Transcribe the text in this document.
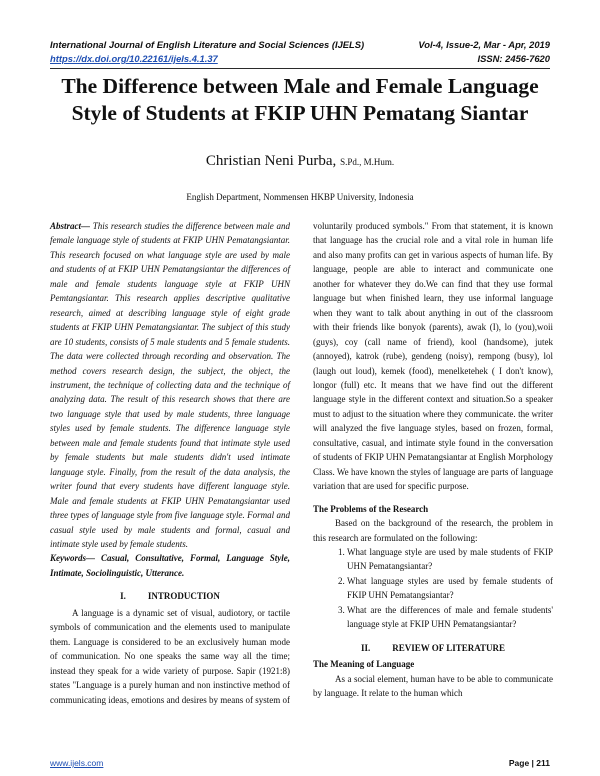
International Journal of English Literature and Social Sciences (IJELS)	Vol-4, Issue-2, Mar - Apr, 2019
https://dx.doi.org/10.22161/ijels.4.1.37	ISSN: 2456-7620
The Difference between Male and Female Language Style of Students at FKIP UHN Pematang Siantar
Christian Neni Purba, S.Pd., M.Hum.
English Department, Nommensen HKBP University, Indonesia

Abstract— This research studies the difference between male and female language style of students at FKIP UHN Pematangsiantar. This research focused on what language style are used by male and students of at FKIP UHN Pematangsiantar the differences of male and female students language style at FKIP UHN Pemtangsiantar. This research applies descriptive qualitative research, aimed at describing language style of eight grade students at FKIP UHN Pematangsiantar. The subject of this study are 10 students, consists of 5 male students and 5 female students. The data were collected through recording and observation. The method covers research design, the subject, the object, the instrument, the technique of collecting data and the technique of analyzing data. The result of this research shows that there are two language style that used by male students, three language styles used by female students. The difference language style between male and female students found that intimate style used by female students but male students didn't used intimate language style. Finally, from the result of the data analysis, the writer found that every students have different language style. Male and female students at FKIP UHN Pematangsiantar used three types of language style from five language style. Formal and casual style used by male students and formal, casual and intimate style used by female students.

Keywords— Casual, Consultative, Formal, Language Style, Intimate, Sociolinguistic, Utterance.

I. INTRODUCTION

A language is a dynamic set of visual, audiotory, or tactile symbols of communication and the elements used to manipulate them. Language is considered to be an exclusively human mode of communication. No one speaks the same way all the time; instead they speak for a wide variety of purpose. Sapir (1921:8) states "Language is a purely human and non instinctive method of communicating ideas, emotions and desires by means of system of

voluntarily produced symbols." From that statement, it is known that language has the crucial role and a vital role in human life and also many profits can get in various aspects of human life. By language, people are able to interact and communicate one another for whatever they do.We can find that they use formal language but when finished learn, they use informal language when they want to talk about anything in out of the classroom with their friends like bonyok (parents), awak (I), lo (you),woii (guys), coy (call name of friend), kool (handsome), jutek (annoyed), katrok (rube), gendeng (noisy), rempong (busy), lol (laugh out loud), kemek (food), menelketehek ( I don't know), longor (full) etc. It means that we have find out the different language style in the different context and situation.So a speaker must to adjust to the situation where they communicate. the writer will analyzed the five language styles, based on frozen, formal, consultative, casual, and intimate style found in the conversation of students of FKIP UHN Pematangsiantar at English Morphology Class. We have known the styles of language are parts of language variation that are used for specific purpose.

The Problems of the Research

Based on the background of the research, the problem in this research are formulated on the following:

1. What language style are used by male students of FKIP UHN Pematangsiantar?
2. What language styles are used by female students of FKIP UHN Pematangsiantar?
3. What are the differences of male and female students' language style at FKIP UHN Pematangsiantar?
II. REVIEW OF LITERATURE

The Meaning of Language

As a social element, human have to be able to communicate by language. It relate to the human which

www.ijels.com	Page | 211
